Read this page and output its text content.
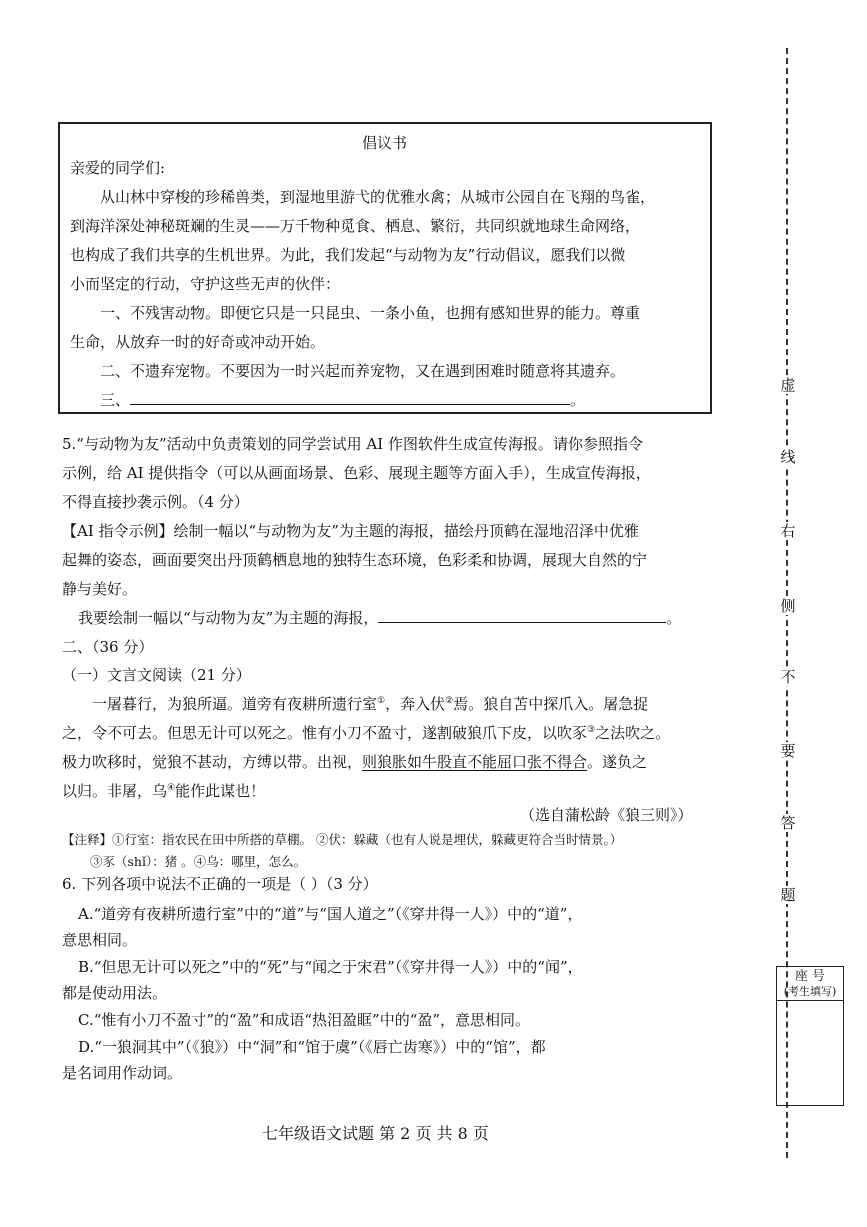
倡议书
亲爱的同学们:
从山林中穿梭的珍稀兽类，到湿地里游弋的优雅水禽；从城市公园自在飞翔的鸟雀，
到海洋深处神秘斑斓的生灵——万千物种觅食、栖息、繁衍，共同织就地球生命网络，
也构成了我们共享的生机世界。为此，我们发起“与动物为友”行动倡议，愿我们以微
小而坚定的行动，守护这些无声的伙伴：
一、不残害动物。即便它只是一只昆虫、一条小鱼，也拥有感知世界的能力。尊重
生命，从放弃一时的好奇或冲动开始。
二、不遗弃宠物。不要因为一时兴起而养宠物，又在遇到困难时随意将其遗弃。
三、	。
5.“与动物为友”活动中负责策划的同学尝试用 AI 作图软件生成宣传海报。请你参照指令
示例，给 AI 提供指令（可以从画面场景、色彩、展现主题等方面入手），生成宣传海报，
不得直接抄袭示例。（4 分）
【AI 指令示例】绘制一幅以“与动物为友”为主题的海报，描绘丹顶鹤在湿地沼泽中优雅
起舞的姿态，画面要突出丹顶鹤栖息地的独特生态环境，色彩柔和协调，展现大自然的宁
静与美好。
我要绘制一幅以“与动物为友”为主题的海报，	。
二、（36 分）
（一）文言文阅读（21 分）
一屠暮行，为狼所逼。道旁有夜耕所遗行室①，奔入伏②焉。狼自苫中探爪入。屠急捉
之，令不可去。但思无计可以死之。惟有小刀不盈寸，遂割破狼爪下皮，以吹豕③之法吹之。
极力吹移时，觉狼不甚动，方缚以带。出视，则狼胀如牛股直不能屈口张不得合。遂负之
以归。非屠，乌④能作此谋也！
（选自蒲松龄《狼三则》）
【注释】①行室：指农民在田中所搭的草棚。 ②伏：躲藏（也有人说是埋伏，躲藏更符合当时情景。）
③豕（shǐ）：猪 。④乌：哪里，怎么。
6. 下列各项中说法不正确的一项是（ ）（3 分）
A.“道旁有夜耕所遗行室”中的“道”与“国人道之”（《穿井得一人》）中的“道”，
意思相同。
B.“但思无计可以死之”中的“死”与“闻之于宋君”（《穿井得一人》）中的“闻”，
都是使动用法。
C.“惟有小刀不盈寸”的“盈”和成语“热泪盈眶”中的“盈”，意思相同。
D.“一狼洞其中”（《狼》）中“洞”和“馆于虞”（《唇亡齿寒》）中的“馆”，都
是名词用作动词。
七年级语文试题 第 2 页 共 8 页
虚
线
右
侧
不
要
答
题
座 号
(考生填写)
